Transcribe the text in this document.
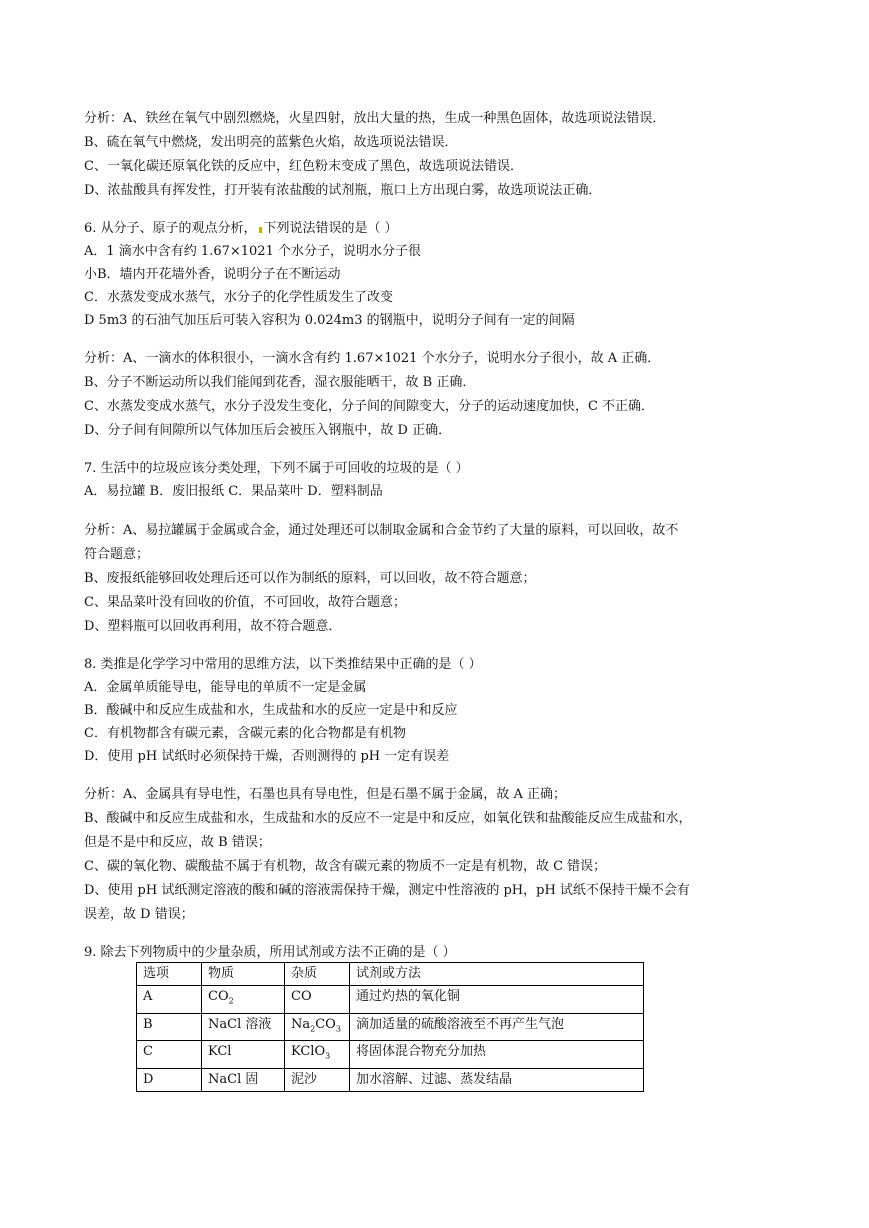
分析：A、铁丝在氧气中剧烈燃烧，火星四射，放出大量的热，生成一种黑色固体，故选项说法错误．
B、硫在氧气中燃烧，发出明亮的蓝紫色火焰，故选项说法错误．
C、一氧化碳还原氧化铁的反应中，红色粉末变成了黑色，故选项说法错误．
D、浓盐酸具有挥发性，打开装有浓盐酸的试剂瓶，瓶口上方出现白雾，故选项说法正确．
6. 从分子、原子的观点分析， 下列说法错误的是（ ）
A．1 滴水中含有约 1.67×1021 个水分子，说明水分子很
小B．墙内开花墙外香，说明分子在不断运动
C．水蒸发变成水蒸气，水分子的化学性质发生了改变
D 5m3 的石油气加压后可装入容积为 0.024m3 的钢瓶中，说明分子间有一定的间隔
分析：A、一滴水的体积很小，一滴水含有约 1.67×1021 个水分子，说明水分子很小，故 A 正确．
B、分子不断运动所以我们能闻到花香，湿衣服能晒干，故 B 正确．
C、水蒸发变成水蒸气，水分子没发生变化，分子间的间隙变大，分子的运动速度加快，C 不正确．
D、分子间有间隙所以气体加压后会被压入钢瓶中，故 D 正确．
7. 生活中的垃圾应该分类处理，下列不属于可回收的垃圾的是（ ）
A．易拉罐 B．废旧报纸 C．果品菜叶 D．塑料制品
分析：A、易拉罐属于金属或合金，通过处理还可以制取金属和合金节约了大量的原料，可以回收，故不
符合题意；
B、废报纸能够回收处理后还可以作为制纸的原料，可以回收，故不符合题意；
C、果品菜叶没有回收的价值，不可回收，故符合题意；
D、塑料瓶可以回收再利用，故不符合题意．
8. 类推是化学学习中常用的思维方法，以下类推结果中正确的是（ ）
A．金属单质能导电，能导电的单质不一定是金属
B．酸碱中和反应生成盐和水，生成盐和水的反应一定是中和反应
C．有机物都含有碳元素，含碳元素的化合物都是有机物
D．使用 pH 试纸时必须保持干燥，否则测得的 pH 一定有误差
分析：A、金属具有导电性，石墨也具有导电性，但是石墨不属于金属，故 A 正确；
B、酸碱中和反应生成盐和水，生成盐和水的反应不一定是中和反应，如氧化铁和盐酸能反应生成盐和水，
但是不是中和反应，故 B 错误；
C、碳的氧化物、碳酸盐不属于有机物，故含有碳元素的物质不一定是有机物，故 C 错误；
D、使用 pH 试纸测定溶液的酸和碱的溶液需保持干燥，测定中性溶液的 pH，pH 试纸不保持干燥不会有
误差，故 D 错误；
9. 除去下列物质中的少量杂质，所用试剂或方法不正确的是（ ）
选项	物质	杂质	试剂或方法
A	$CO_2$	CO	通过灼热的氧化铜
B	NaCl 溶液	$Na_2CO_3$	滴加适量的硫酸溶液至不再产生气泡
C	KCl	KClO$_3$	将固体混合物充分加热
D	NaCl 固	泥沙	加水溶解、过滤、蒸发结晶
